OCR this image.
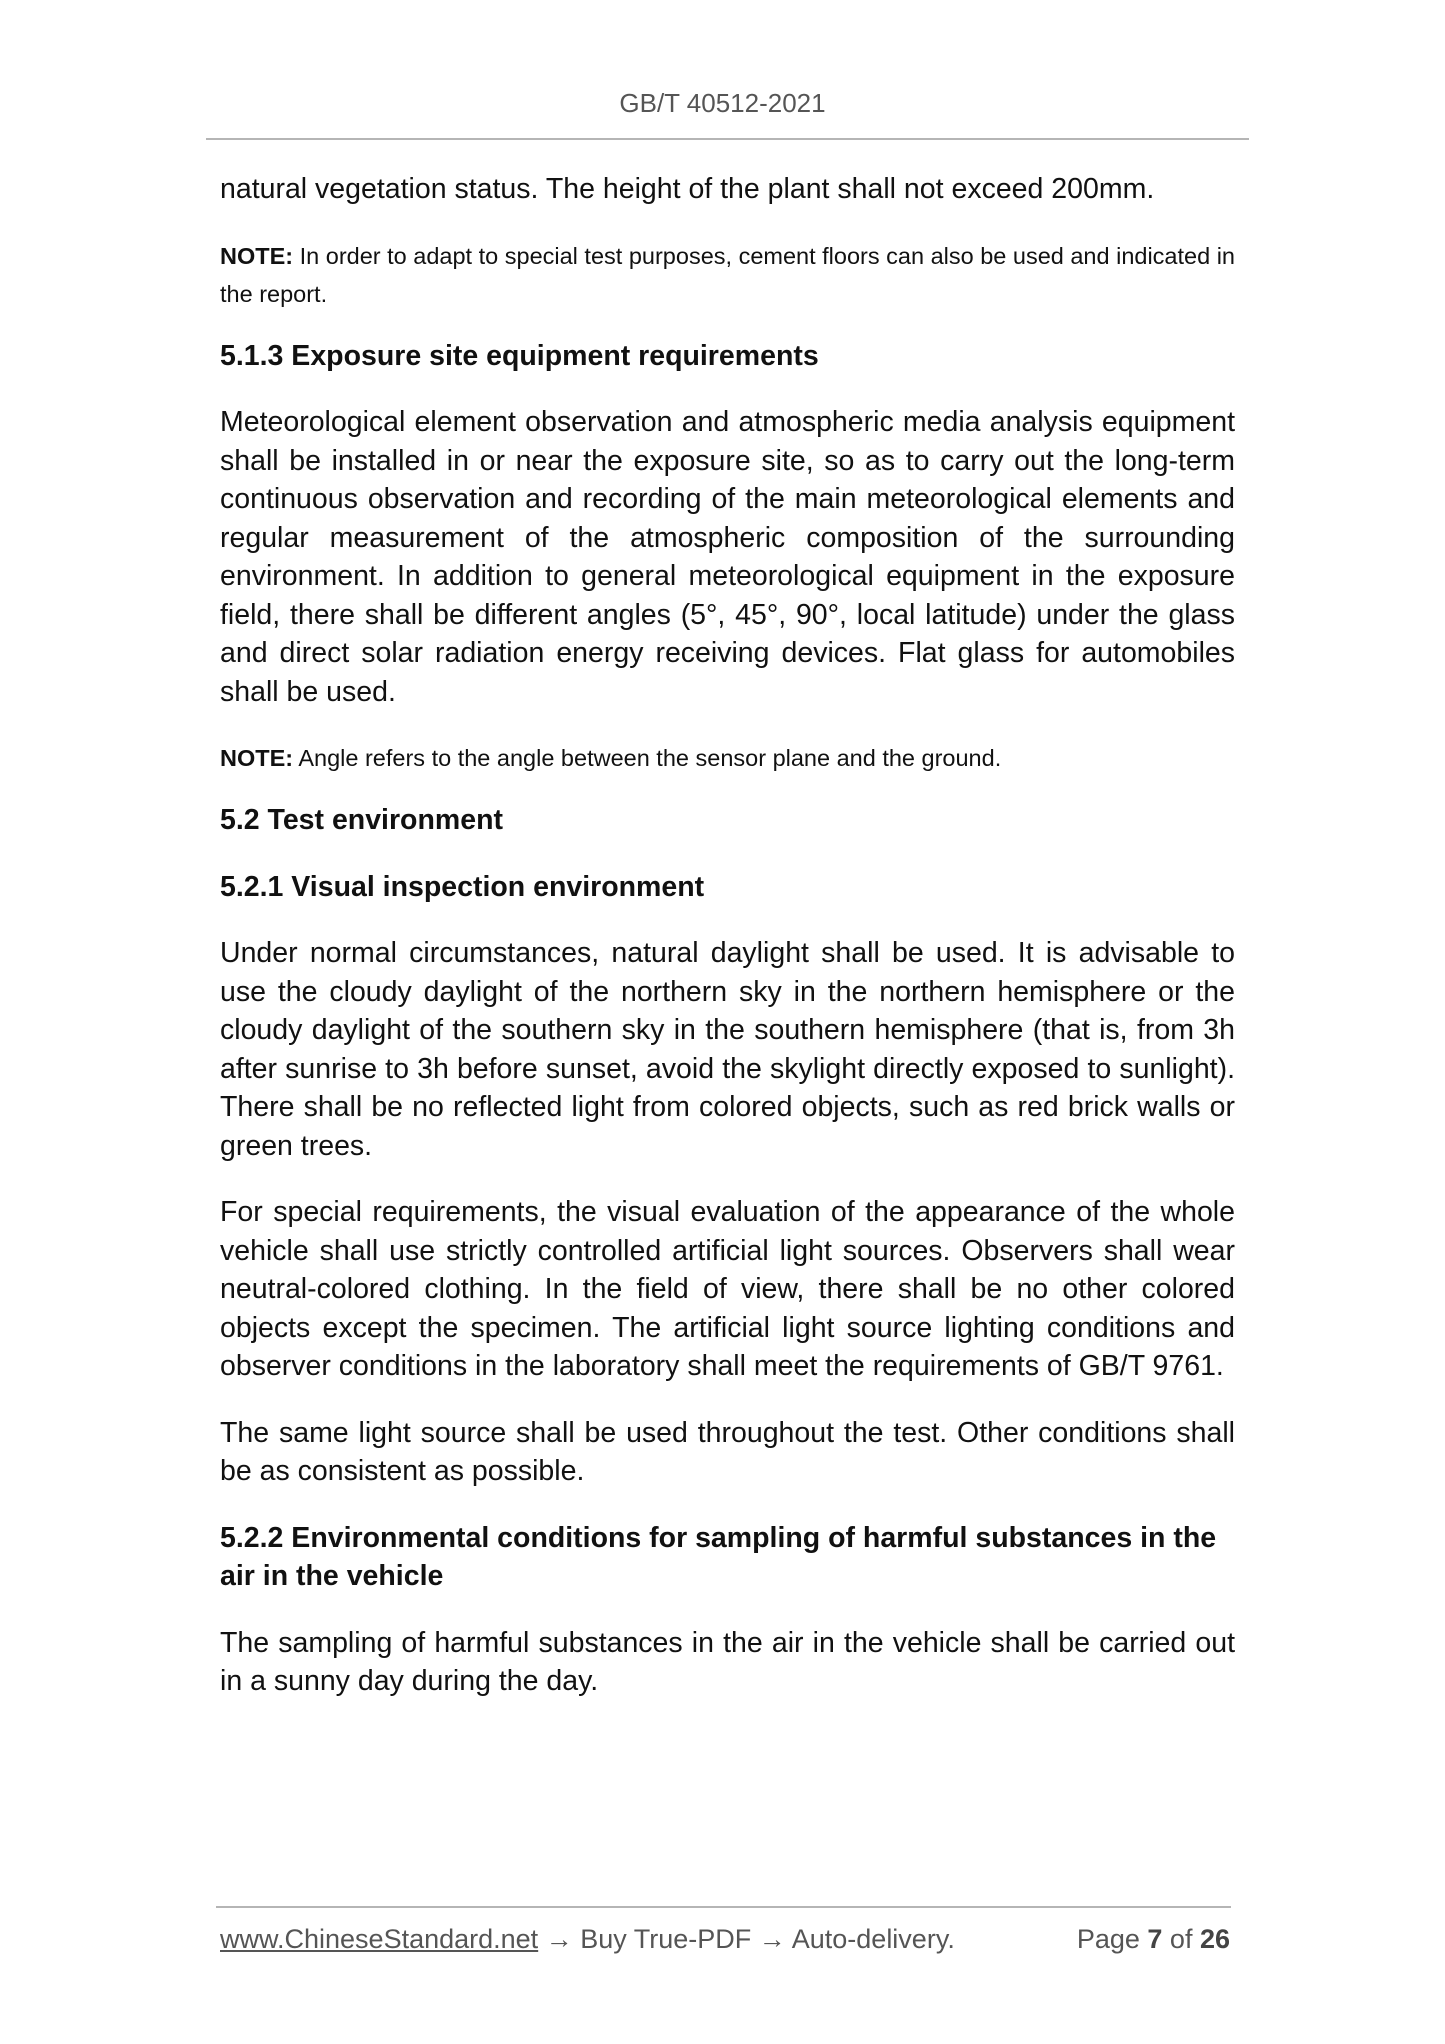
GB/T 40512-2021

natural vegetation status. The height of the plant shall not exceed 200mm.

NOTE: In order to adapt to special test purposes, cement floors can also be used and indicated in the report.

5.1.3 Exposure site equipment requirements

Meteorological element observation and atmospheric media analysis equipment shall be installed in or near the exposure site, so as to carry out the long-term continuous observation and recording of the main meteorological elements and regular measurement of the atmospheric composition of the surrounding environment. In addition to general meteorological equipment in the exposure field, there shall be different angles (5°, 45°, 90°, local latitude) under the glass and direct solar radiation energy receiving devices. Flat glass for automobiles shall be used.

NOTE: Angle refers to the angle between the sensor plane and the ground.

5.2 Test environment
5.2.1 Visual inspection environment

Under normal circumstances, natural daylight shall be used. It is advisable to use the cloudy daylight of the northern sky in the northern hemisphere or the cloudy daylight of the southern sky in the southern hemisphere (that is, from 3h after sunrise to 3h before sunset, avoid the skylight directly exposed to sunlight). There shall be no reflected light from colored objects, such as red brick walls or green trees.

For special requirements, the visual evaluation of the appearance of the whole vehicle shall use strictly controlled artificial light sources. Observers shall wear neutral-colored clothing. In the field of view, there shall be no other colored objects except the specimen. The artificial light source lighting conditions and observer conditions in the laboratory shall meet the requirements of GB/T 9761.

The same light source shall be used throughout the test. Other conditions shall be as consistent as possible.

5.2.2 Environmental conditions for sampling of harmful substances in the air in the vehicle

The sampling of harmful substances in the air in the vehicle shall be carried out in a sunny day during the day.

www.ChineseStandard.net → Buy True-PDF → Auto-delivery.	Page 7 of 26
